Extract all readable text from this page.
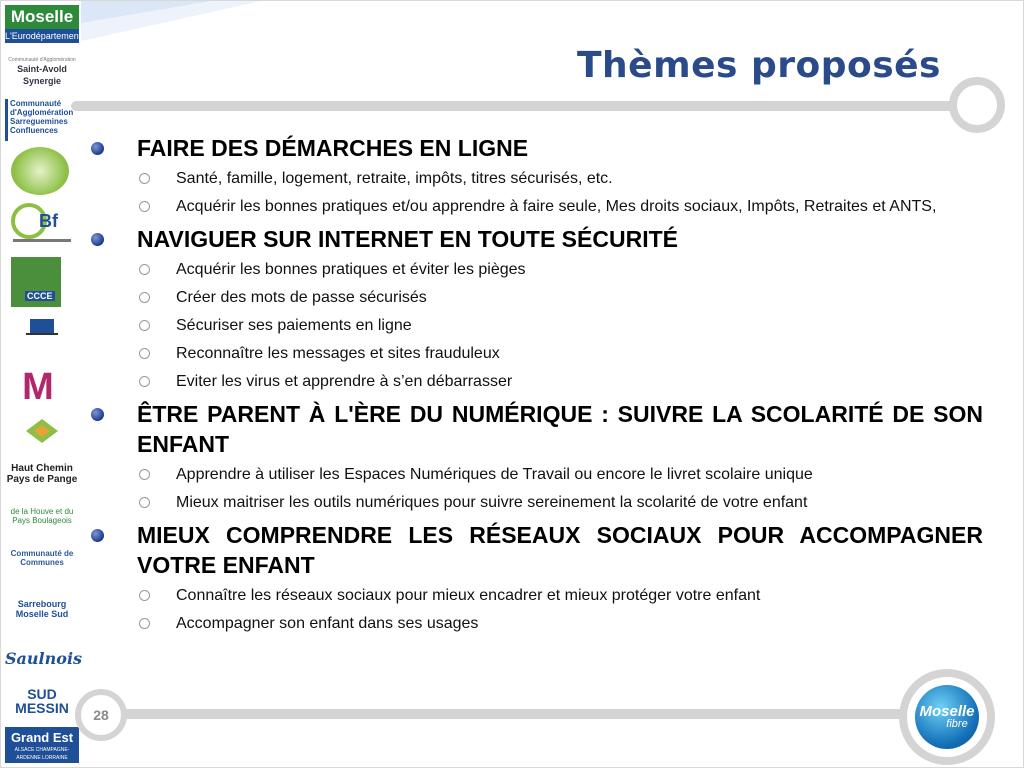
Thèmes proposés
Moselle
L'Eurodépartement
Communauté d'Agglomération
Saint-Avold Synergie
Communauté d'Agglomération Sarreguemines Confluences
Bf
CCCE
M
Haut Chemin Pays de Pange
de la Houve et du Pays Boulageois
Communauté de Communes
Sarrebourg Moselle Sud
Saulnois
SUD MESSIN
Grand Est
ALSACE CHAMPAGNE-ARDENNE LORRAINE
FAIRE DES DÉMARCHES EN LIGNE
Santé, famille, logement, retraite, impôts, titres sécurisés, etc.
Acquérir les bonnes pratiques et/ou apprendre à faire seule, Mes droits sociaux, Impôts, Retraites et ANTS,
NAVIGUER SUR INTERNET EN TOUTE SÉCURITÉ
Acquérir les bonnes pratiques et éviter les pièges
Créer des mots de passe sécurisés
Sécuriser ses paiements en ligne
Reconnaître les messages et sites frauduleux
Eviter les virus et apprendre à s’en débarrasser
ÊTRE PARENT À L'ÈRE DU NUMÉRIQUE : SUIVRE LA SCOLARITÉ DE SON ENFANT
Apprendre à utiliser les Espaces Numériques de Travail ou encore le livret scolaire unique
Mieux maitriser les outils numériques pour suivre sereinement la scolarité de votre enfant
MIEUX COMPRENDRE LES RÉSEAUX SOCIAUX POUR ACCOMPAGNER VOTRE ENFANT
Connaître les réseaux sociaux pour mieux encadrer et mieux protéger votre enfant
Accompagner son enfant dans ses usages
28	Moselle
fibre
